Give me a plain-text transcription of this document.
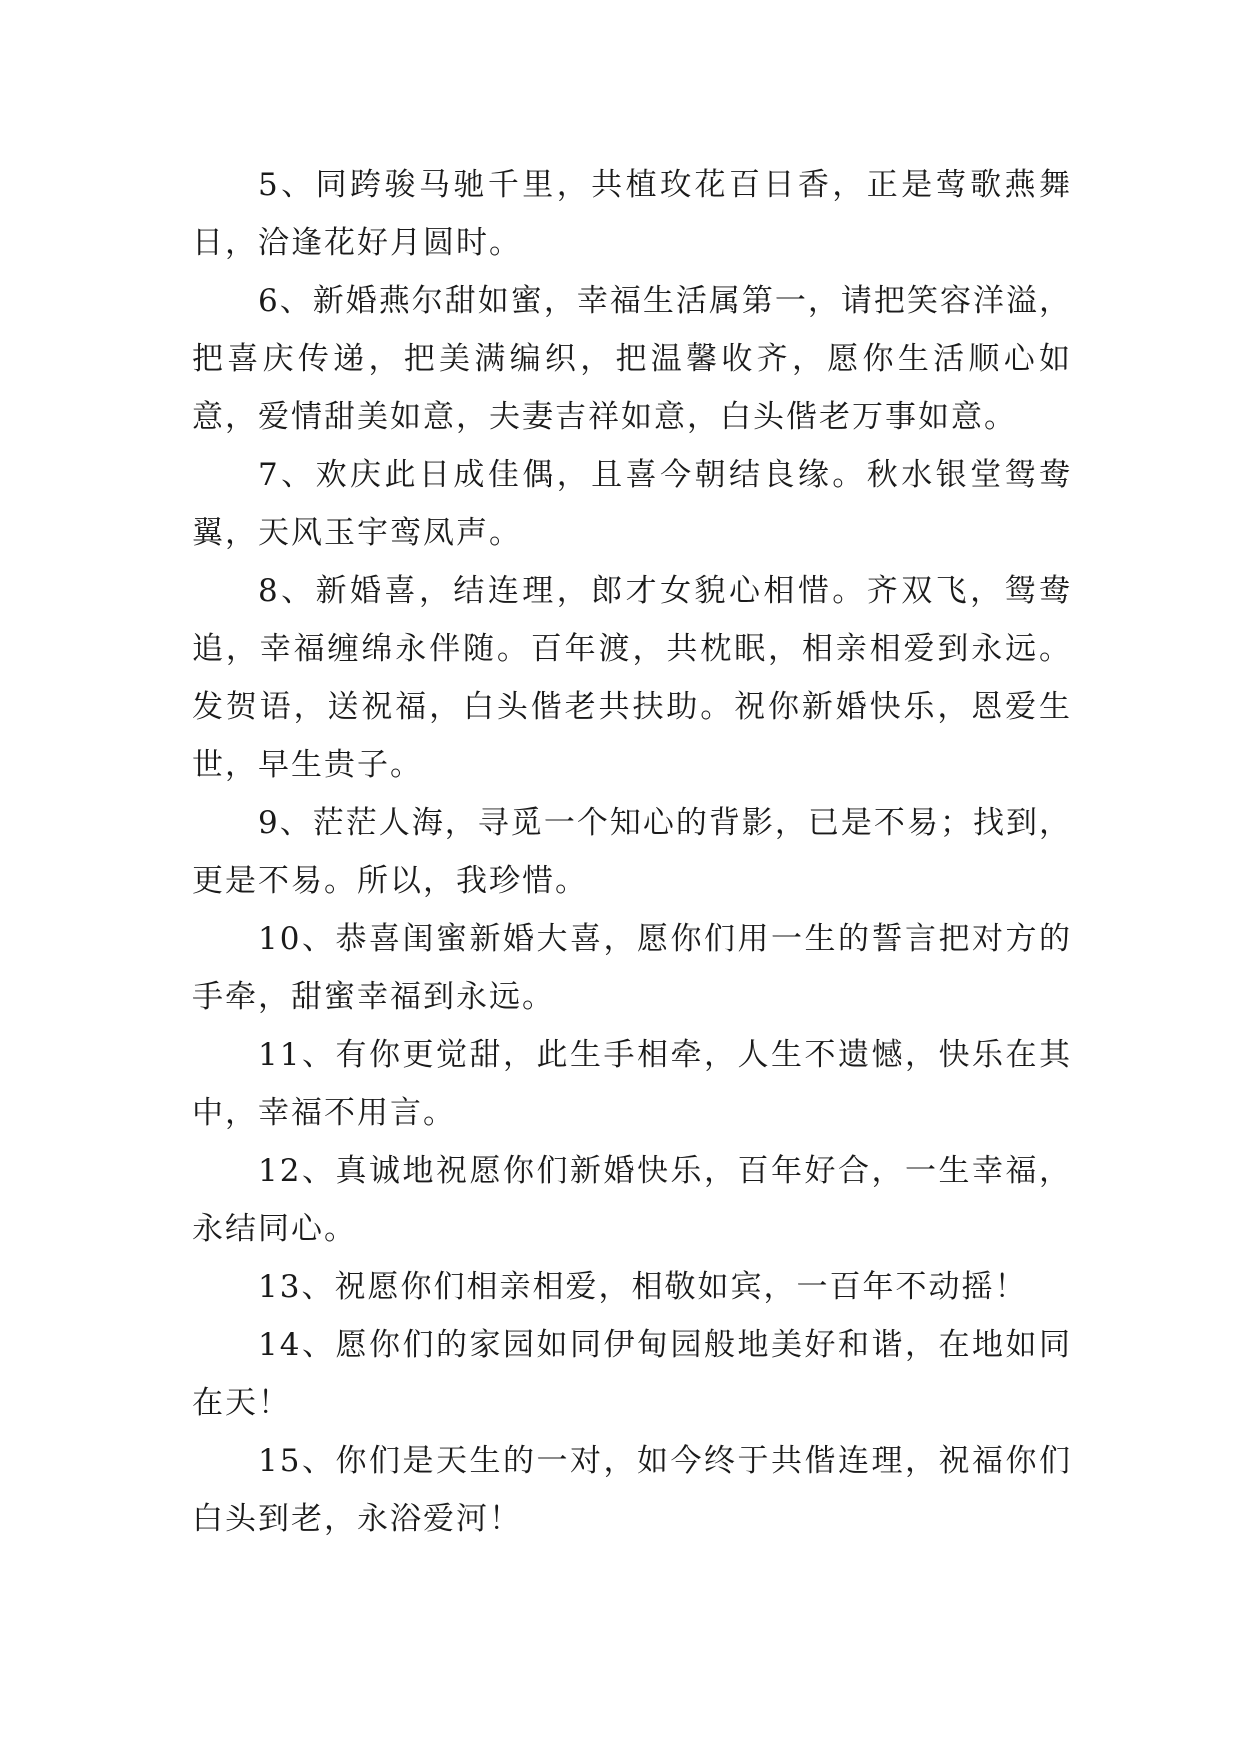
5、同跨骏马驰千里，共植玫花百日香，正是莺歌燕舞日，洽逢花好月圆时。

6、新婚燕尔甜如蜜，幸福生活属第一，请把笑容洋溢，把喜庆传递，把美满编织，把温馨收齐，愿你生活顺心如意，爱情甜美如意，夫妻吉祥如意，白头偕老万事如意。

7、欢庆此日成佳偶，且喜今朝结良缘。秋水银堂鸳鸯翼，天风玉宇鸾凤声。

8、新婚喜，结连理，郎才女貌心相惜。齐双飞，鸳鸯追，幸福缠绵永伴随。百年渡，共枕眠，相亲相爱到永远。发贺语，送祝福，白头偕老共扶助。祝你新婚快乐，恩爱生世，早生贵子。

9、茫茫人海，寻觅一个知心的背影，已是不易；找到，更是不易。所以，我珍惜。

10、恭喜闺蜜新婚大喜，愿你们用一生的誓言把对方的手牵，甜蜜幸福到永远。

11、有你更觉甜，此生手相牵，人生不遗憾，快乐在其中，幸福不用言。

12、真诚地祝愿你们新婚快乐，百年好合，一生幸福，永结同心。

13、祝愿你们相亲相爱，相敬如宾，一百年不动摇！

14、愿你们的家园如同伊甸园般地美好和谐，在地如同在天！

15、你们是天生的一对，如今终于共偕连理，祝福你们白头到老，永浴爱河！
